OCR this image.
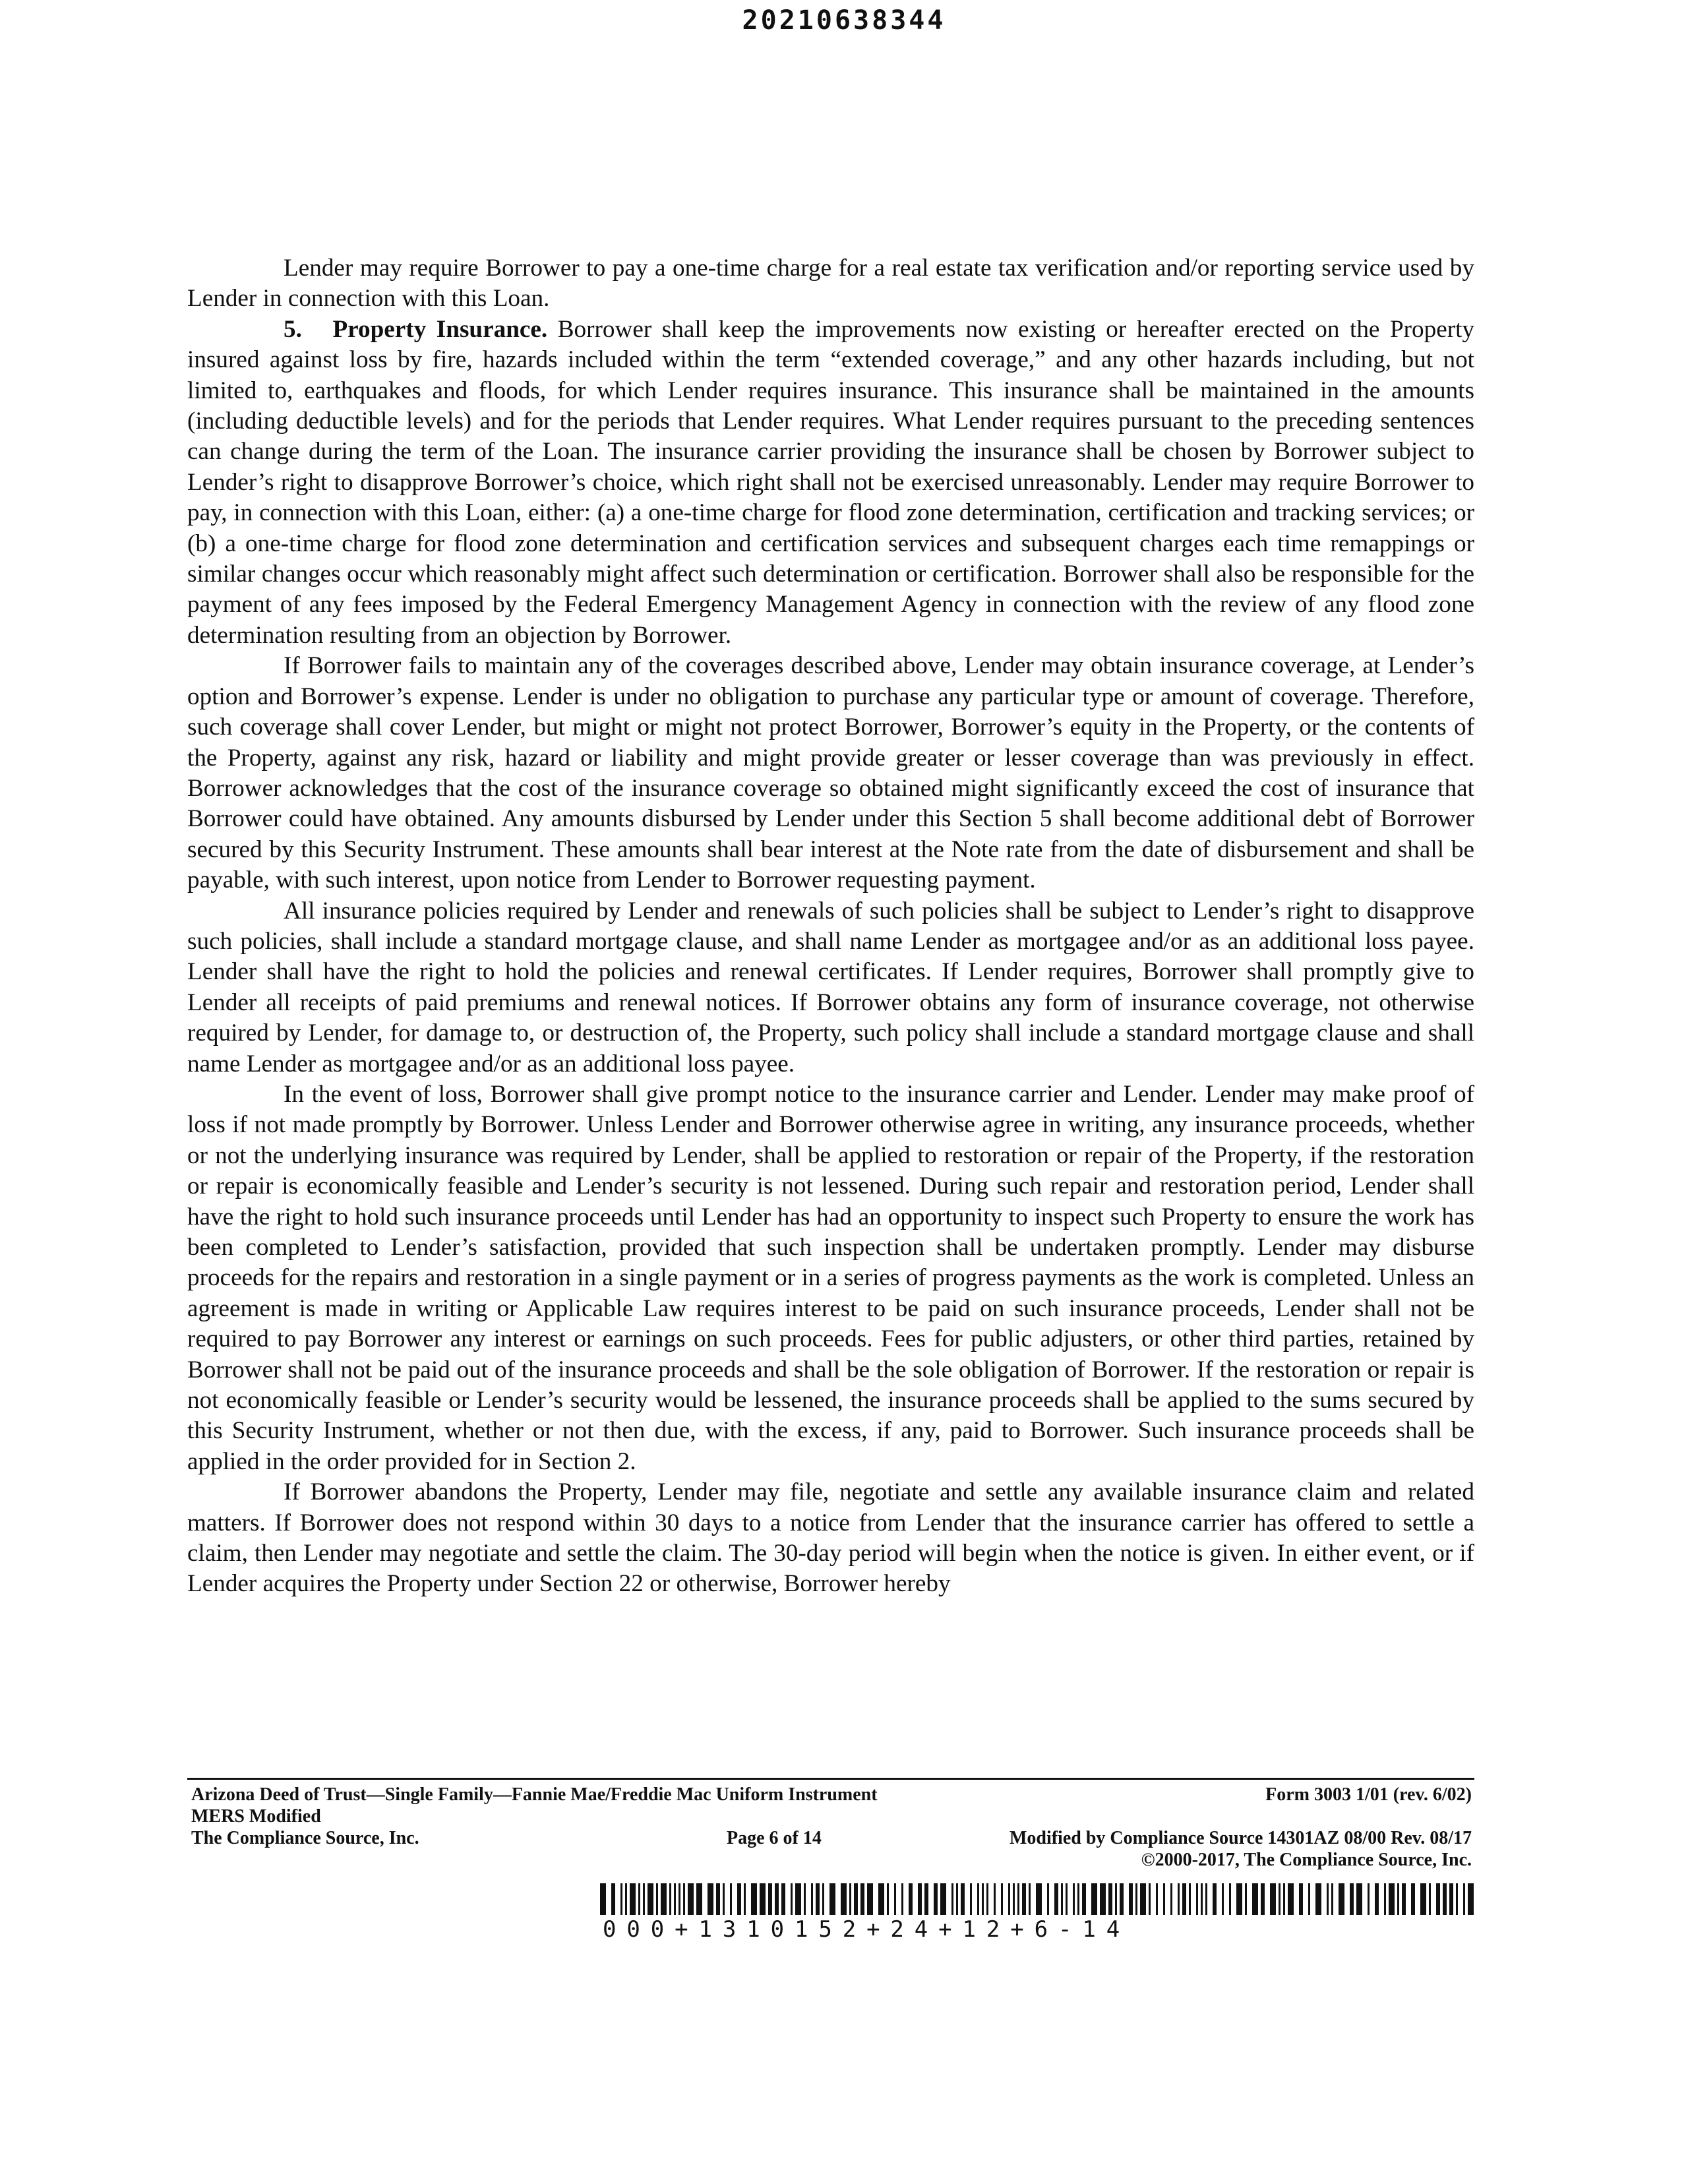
20210638344

Lender may require Borrower to pay a one-time charge for a real estate tax verification and/or reporting service used by Lender in connection with this Loan.

5. Property Insurance. Borrower shall keep the improvements now existing or hereafter erected on the Property insured against loss by fire, hazards included within the term “extended coverage,” and any other hazards including, but not limited to, earthquakes and floods, for which Lender requires insurance. This insurance shall be maintained in the amounts (including deductible levels) and for the periods that Lender requires. What Lender requires pursuant to the preceding sentences can change during the term of the Loan. The insurance carrier providing the insurance shall be chosen by Borrower subject to Lender’s right to disapprove Borrower’s choice, which right shall not be exercised unreasonably. Lender may require Borrower to pay, in connection with this Loan, either: (a) a one-time charge for flood zone determination, certification and tracking services; or (b) a one-time charge for flood zone determination and certification services and subsequent charges each time remappings or similar changes occur which reasonably might affect such determination or certification. Borrower shall also be responsible for the payment of any fees imposed by the Federal Emergency Management Agency in connection with the review of any flood zone determination resulting from an objection by Borrower.

If Borrower fails to maintain any of the coverages described above, Lender may obtain insurance coverage, at Lender’s option and Borrower’s expense. Lender is under no obligation to purchase any particular type or amount of coverage. Therefore, such coverage shall cover Lender, but might or might not protect Borrower, Borrower’s equity in the Property, or the contents of the Property, against any risk, hazard or liability and might provide greater or lesser coverage than was previously in effect. Borrower acknowledges that the cost of the insurance coverage so obtained might significantly exceed the cost of insurance that Borrower could have obtained. Any amounts disbursed by Lender under this Section 5 shall become additional debt of Borrower secured by this Security Instrument. These amounts shall bear interest at the Note rate from the date of disbursement and shall be payable, with such interest, upon notice from Lender to Borrower requesting payment.

All insurance policies required by Lender and renewals of such policies shall be subject to Lender’s right to disapprove such policies, shall include a standard mortgage clause, and shall name Lender as mortgagee and/or as an additional loss payee. Lender shall have the right to hold the policies and renewal certificates. If Lender requires, Borrower shall promptly give to Lender all receipts of paid premiums and renewal notices. If Borrower obtains any form of insurance coverage, not otherwise required by Lender, for damage to, or destruction of, the Property, such policy shall include a standard mortgage clause and shall name Lender as mortgagee and/or as an additional loss payee.

In the event of loss, Borrower shall give prompt notice to the insurance carrier and Lender. Lender may make proof of loss if not made promptly by Borrower. Unless Lender and Borrower otherwise agree in writing, any insurance proceeds, whether or not the underlying insurance was required by Lender, shall be applied to restoration or repair of the Property, if the restoration or repair is economically feasible and Lender’s security is not lessened. During such repair and restoration period, Lender shall have the right to hold such insurance proceeds until Lender has had an opportunity to inspect such Property to ensure the work has been completed to Lender’s satisfaction, provided that such inspection shall be undertaken promptly. Lender may disburse proceeds for the repairs and restoration in a single payment or in a series of progress payments as the work is completed. Unless an agreement is made in writing or Applicable Law requires interest to be paid on such insurance proceeds, Lender shall not be required to pay Borrower any interest or earnings on such proceeds. Fees for public adjusters, or other third parties, retained by Borrower shall not be paid out of the insurance proceeds and shall be the sole obligation of Borrower. If the restoration or repair is not economically feasible or Lender’s security would be lessened, the insurance proceeds shall be applied to the sums secured by this Security Instrument, whether or not then due, with the excess, if any, paid to Borrower. Such insurance proceeds shall be applied in the order provided for in Section 2.

If Borrower abandons the Property, Lender may file, negotiate and settle any available insurance claim and related matters. If Borrower does not respond within 30 days to a notice from Lender that the insurance carrier has offered to settle a claim, then Lender may negotiate and settle the claim. The 30-day period will begin when the notice is given. In either event, or if Lender acquires the Property under Section 22 or otherwise, Borrower hereby

Arizona Deed of Trust—Single Family—Fannie Mae/Freddie Mac Uniform Instrument	Form 3003 1/01 (rev. 6/02)
MERS Modified
The Compliance Source, Inc.	Page 6 of 14	Modified by Compliance Source 14301AZ 08/00 Rev. 08/17
©2000-2017, The Compliance Source, Inc.
000+1310152+24+12+6-14
